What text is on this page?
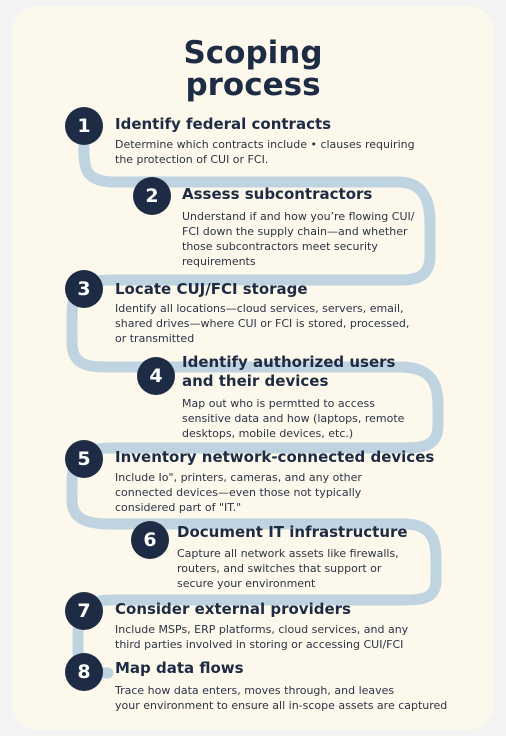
Scoping
process
1	Identify federal contracts
Determine which contracts include • clauses requiring
the protection of CUI or FCI.
2	Assess subcontractors
Understand if and how you’re flowing CUI/
FCI down the supply chain—and whether
those subcontractors meet security
requirements
3	Locate CUJ/FCI storage
Identify all locations—cloud services, servers, email,
shared drives—where CUI or FCI is stored, processed,
or transmitted
4
Identify authorized users
and their devices
Map out who is permtted to access
sensitive data and how (laptops, remote
desktops, mobile devices, etc.)
5	Inventory network-connected devices
Include Io", printers, cameras, and any other
connected devices—even those not typically
considered part of "IT."
6	Document IT infrastructure
Capture all network assets like firewalls,
routers, and switches that support or
secure your environment
7	Consider external providers
Include MSPs, ERP platforms, cloud services, and any
third parties involved in storing or accessing CUI/FCI
8	Map data flows
Trace how data enters, moves through, and leaves
your environment to ensure all in-scope assets are captured
